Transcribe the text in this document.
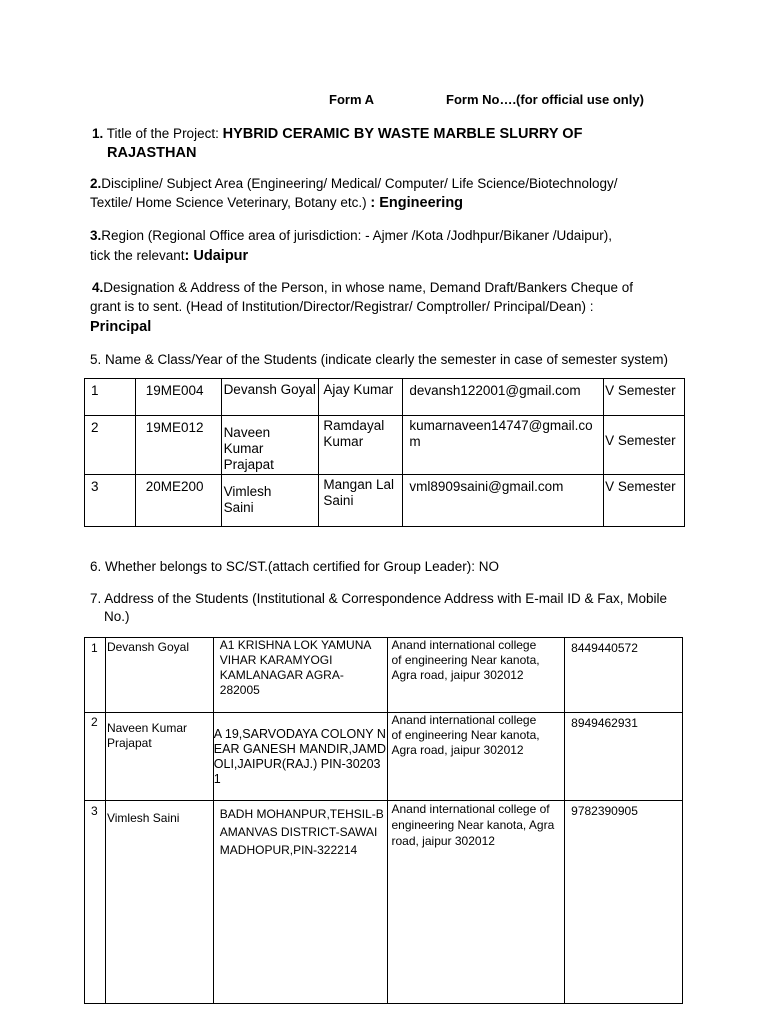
Form A	Form No….(for official use only)
1. Title of the Project: HYBRID CERAMIC BY WASTE MARBLE SLURRY OF
RAJASTHAN
2.Discipline/ Subject Area (Engineering/ Medical/ Computer/ Life Science/Biotechnology/
Textile/ Home Science Veterinary, Botany etc.) : Engineering
3.Region (Regional Office area of jurisdiction: - Ajmer /Kota /Jodhpur/Bikaner /Udaipur),
tick the relevant: Udaipur
4.Designation & Address of the Person, in whose name, Demand Draft/Bankers Cheque of
grant is to sent. (Head of Institution/Director/Registrar/ Comptroller/ Principal/Dean) :
Principal
5. Name & Class/Year of the Students (indicate clearly the semester in case of semester system)
1	19ME004	Devansh Goyal	Ajay Kumar	devansh122001@gmail.com	V Semester
2	19ME012	Naveen Kumar Prajapat	Ramdayal Kumar	kumarnaveen14747@gmail.com	V Semester
3	20ME200	Vimlesh Saini	Mangan Lal Saini	vml8909saini@gmail.com	V Semester
6. Whether belongs to SC/ST.(attach certified for Group Leader): NO
7. Address of the Students (Institutional & Correspondence Address with E-mail ID & Fax, Mobile
No.)
1	Devansh Goyal	A1 KRISHNA LOK YAMUNA VIHAR KARAMYOGI KAMLANAGAR AGRA-282005	Anand international college of engineering Near kanota, Agra road, jaipur 302012	8449440572
2	Naveen Kumar Prajapat	A 19,SARVODAYA COLONY NEAR GANESH MANDIR,JAMDOLI,JAIPUR(RAJ.) PIN-302031	Anand international college of engineering Near kanota, Agra road, jaipur 302012	8949462931
3	Vimlesh Saini	BADH MOHANPUR,TEHSIL-BAMANVAS DISTRICT-SAWAI MADHOPUR,PIN-322214	Anand international college of engineering Near kanota, Agra road, jaipur 302012	9782390905
